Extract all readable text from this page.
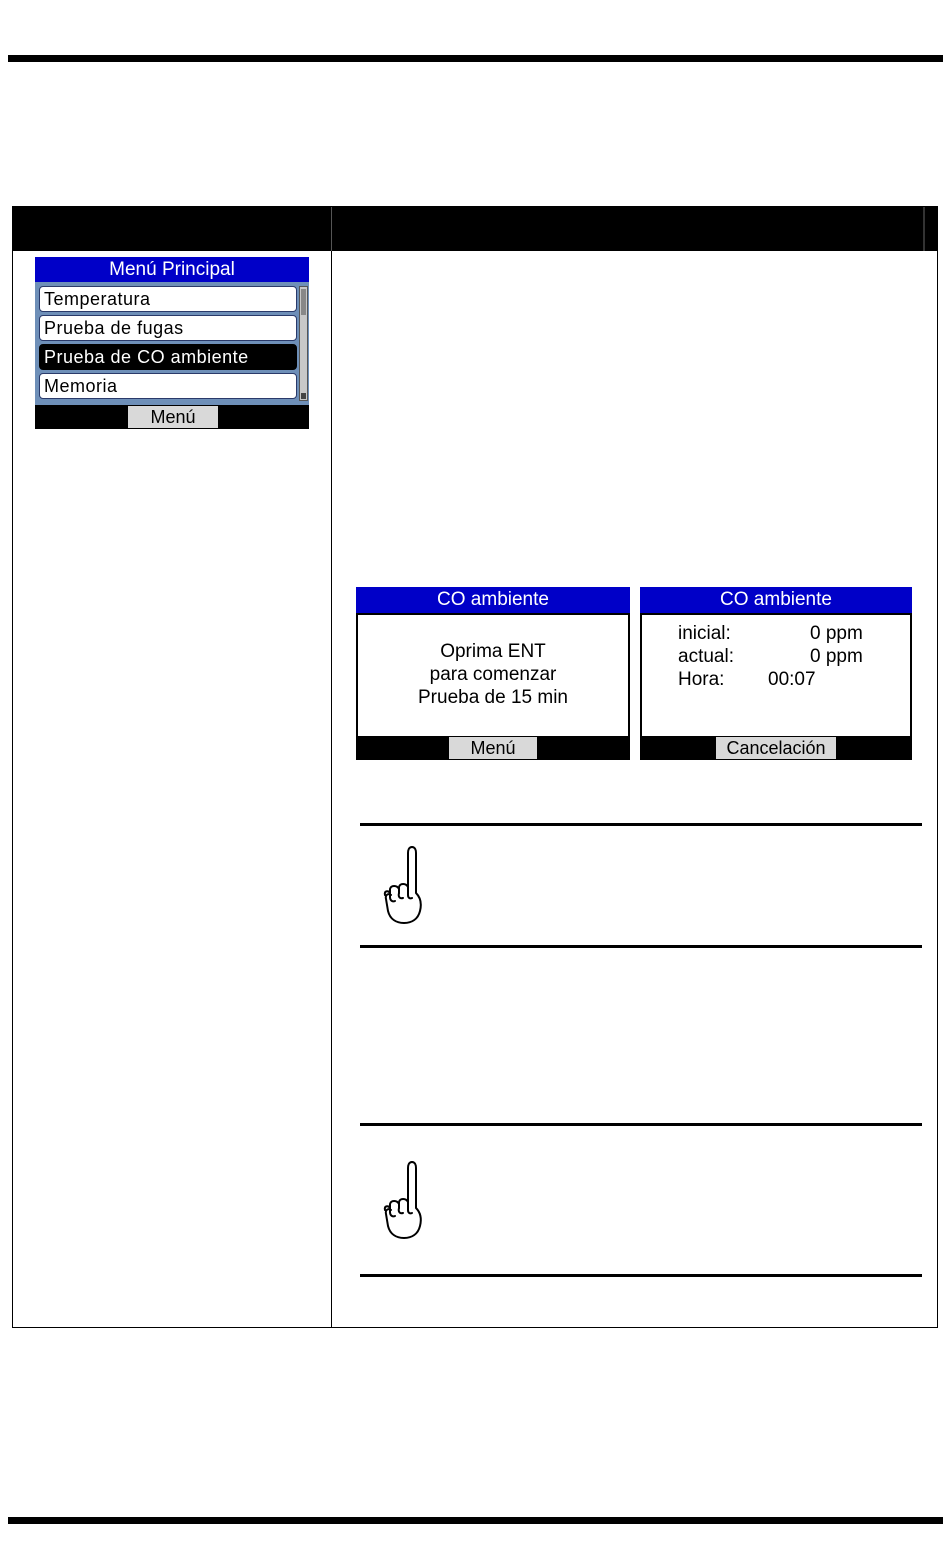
Menú Principal
Temperatura
Prueba de fugas
Prueba de CO ambiente
Memoria
Menú
CO ambiente
Oprima ENT
para comenzar
Prueba de 15 min
Menú
CO ambiente
inicial:	0 ppm
actual:	0 ppm
Hora: 00:07
Cancelación
